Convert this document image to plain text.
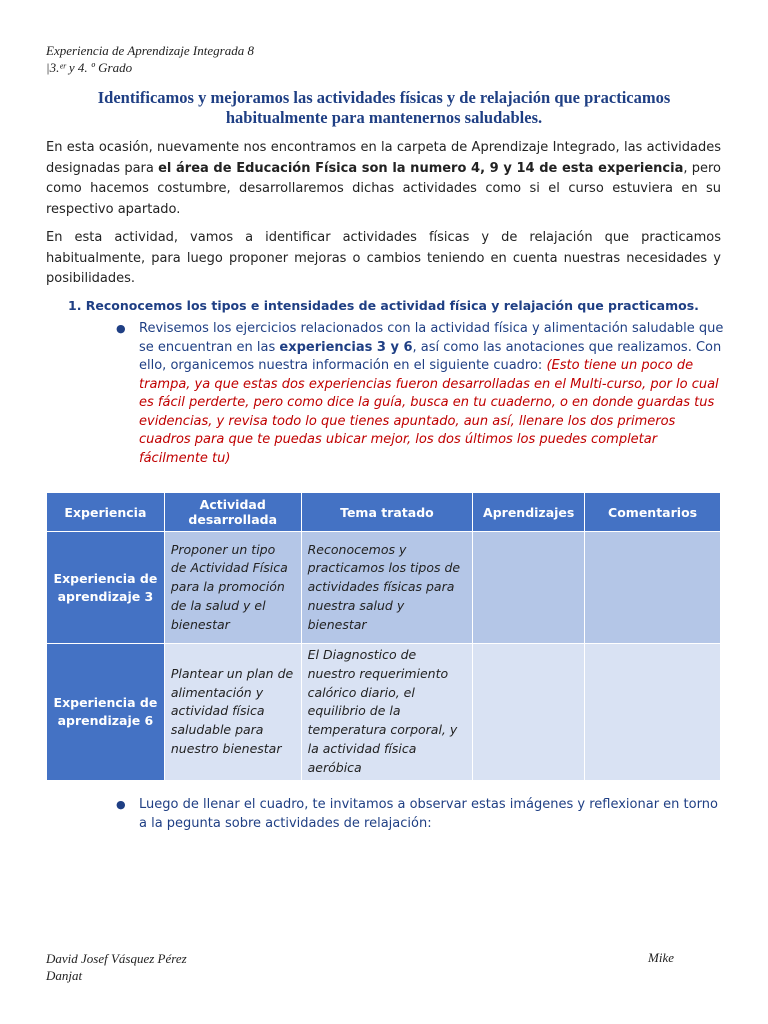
Experiencia de Aprendizaje Integrada 8
|3.ᵉʳ y 4. º Grado
Identificamos y mejoramos las actividades físicas y de relajación que practicamos habitualmente para mantenernos saludables.
En esta ocasión, nuevamente nos encontramos en la carpeta de Aprendizaje Integrado, las actividades designadas para el área de Educación Física son la numero 4, 9 y 14 de esta experiencia, pero como hacemos costumbre, desarrollaremos dichas actividades como si el curso estuviera en su respectivo apartado.
En esta actividad, vamos a identificar actividades físicas y de relajación que practicamos habitualmente, para luego proponer mejoras o cambios teniendo en cuenta nuestras necesidades y posibilidades.
1. Reconocemos los tipos e intensidades de actividad física y relajación que practicamos.
● Revisemos los ejercicios relacionados con la actividad física y alimentación saludable que se encuentran en las experiencias 3 y 6, así como las anotaciones que realizamos. Con ello, organicemos nuestra información en el siguiente cuadro: (Esto tiene un poco de trampa, ya que estas dos experiencias fueron desarrolladas en el Multi-curso, por lo cual es fácil perderte, pero como dice la guía, busca en tu cuaderno, o en donde guardas tus evidencias, y revisa todo lo que tienes apuntado, aun así, llenare los dos primeros cuadros para que te puedas ubicar mejor, los dos últimos los puedes completar fácilmente tu)
Experiencia	Actividad desarrollada	Tema tratado	Aprendizajes	Comentarios
Experiencia de aprendizaje 3	Proponer un tipo de Actividad Física para la promoción de la salud y el bienestar	Reconocemos y practicamos los tipos de actividades físicas para nuestra salud y bienestar		
Experiencia de aprendizaje 6	Plantear un plan de alimentación y actividad física saludable para nuestro bienestar	El Diagnostico de nuestro requerimiento calórico diario, el equilibrio de la temperatura corporal, y la actividad física aeróbica		
● Luego de llenar el cuadro, te invitamos a observar estas imágenes y reflexionar en torno a la pegunta sobre actividades de relajación:
David Josef Vásquez Pérez
Danjat
Mike
